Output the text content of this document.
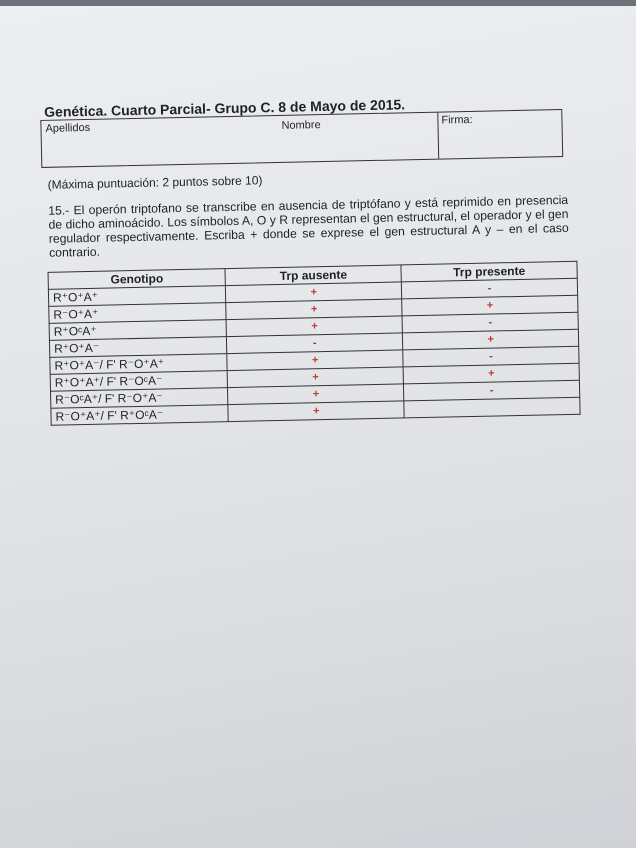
Genética. Cuarto Parcial- Grupo C. 8 de Mayo de 2015.
Apellidos	Nombre	Firma:
(Máxima puntuación: 2 puntos sobre 10)
15.- El operón triptofano se transcribe en ausencia de triptófano y está reprimido en presencia de dicho aminoácido. Los símbolos A, O y R representan el gen estructural, el operador y el gen regulador respectivamente. Escriba + donde se exprese el gen estructural A y – en el caso contrario.
Genotipo	Trp ausente	Trp presente
R⁺O⁺A⁺	+	-
R⁻O⁺A⁺	+	+
R⁺OᶜA⁺	+	-
R⁺O⁺A⁻	-	+
R⁺O⁺A⁻/ F' R⁻O⁺A⁺	+	-
R⁺O⁺A⁺/ F' R⁻OᶜA⁻	+	+
R⁻OᶜA⁺/ F' R⁻O⁺A⁻	+	-
R⁻O⁺A⁺/ F' R⁺OᶜA⁻	+	
